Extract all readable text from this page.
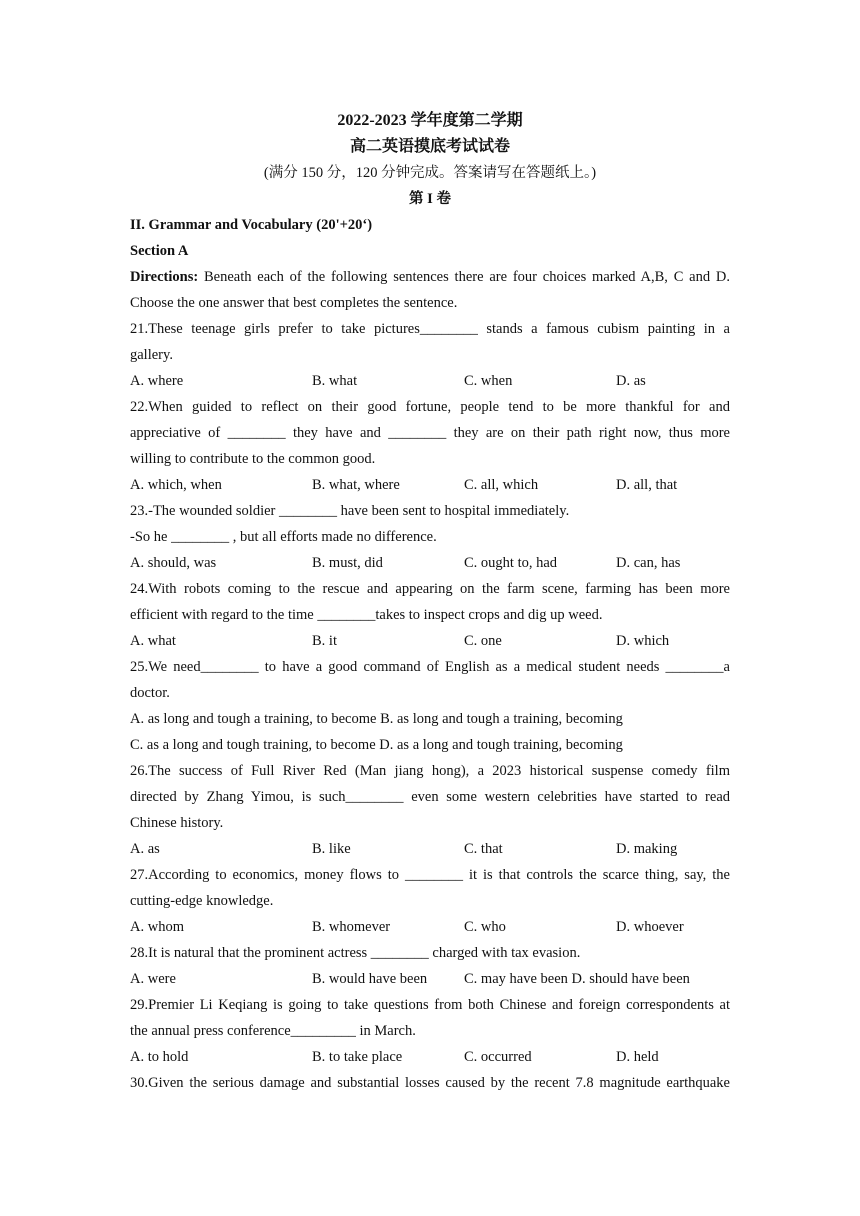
2022-2023 学年度第二学期
高二英语摸底考试试卷
(满分 150 分，120 分钟完成。答案请写在答题纸上。)
第 I 卷
II. Grammar and Vocabulary (20'+20‘)
Section A
Directions: Beneath each of the following sentences there are four choices marked A,B, C and D.
Choose the one answer that best completes the sentence.
21.These teenage girls prefer to take pictures________ stands a famous cubism painting in a
gallery.
A. where	B. what	C. when	D. as
22.When guided to reflect on their good fortune, people tend to be more thankful for and
appreciative of ________ they have and ________ they are on their path right now, thus more
willing to contribute to the common good.
A. which, when	B. what, where	C. all, which	D. all, that
23.-The wounded soldier ________ have been sent to hospital immediately.
-So he ________ , but all efforts made no difference.
A. should, was	B. must, did	C. ought to, had	D. can, has
24.With robots coming to the rescue and appearing on the farm scene, farming has been more
efficient with regard to the time ________takes to inspect crops and dig up weed.
A. what	B. it	C. one	D. which
25.We need________ to have a good command of English as a medical student needs ________a
doctor.
A. as long and tough a training, to become B. as long and tough a training, becoming
C. as a long and tough training, to become D. as a long and tough training, becoming
26.The success of Full River Red (Man jiang hong), a 2023 historical suspense comedy film
directed by Zhang Yimou, is such________ even some western celebrities have started to read
Chinese history.
A. as	B. like	C. that	D. making
27.According to economics, money flows to ________ it is that controls the scarce thing, say, the
cutting-edge knowledge.
A. whom	B. whomever	C. who	D. whoever
28.It is natural that the prominent actress ________ charged with tax evasion.
A. were	B. would have been	C. may have been D. should have been
29.Premier Li Keqiang is going to take questions from both Chinese and foreign correspondents at
the annual press conference_________ in March.
A. to hold	B. to take place	C. occurred	D. held
30.Given the serious damage and substantial losses caused by the recent 7.8 magnitude earthquake
